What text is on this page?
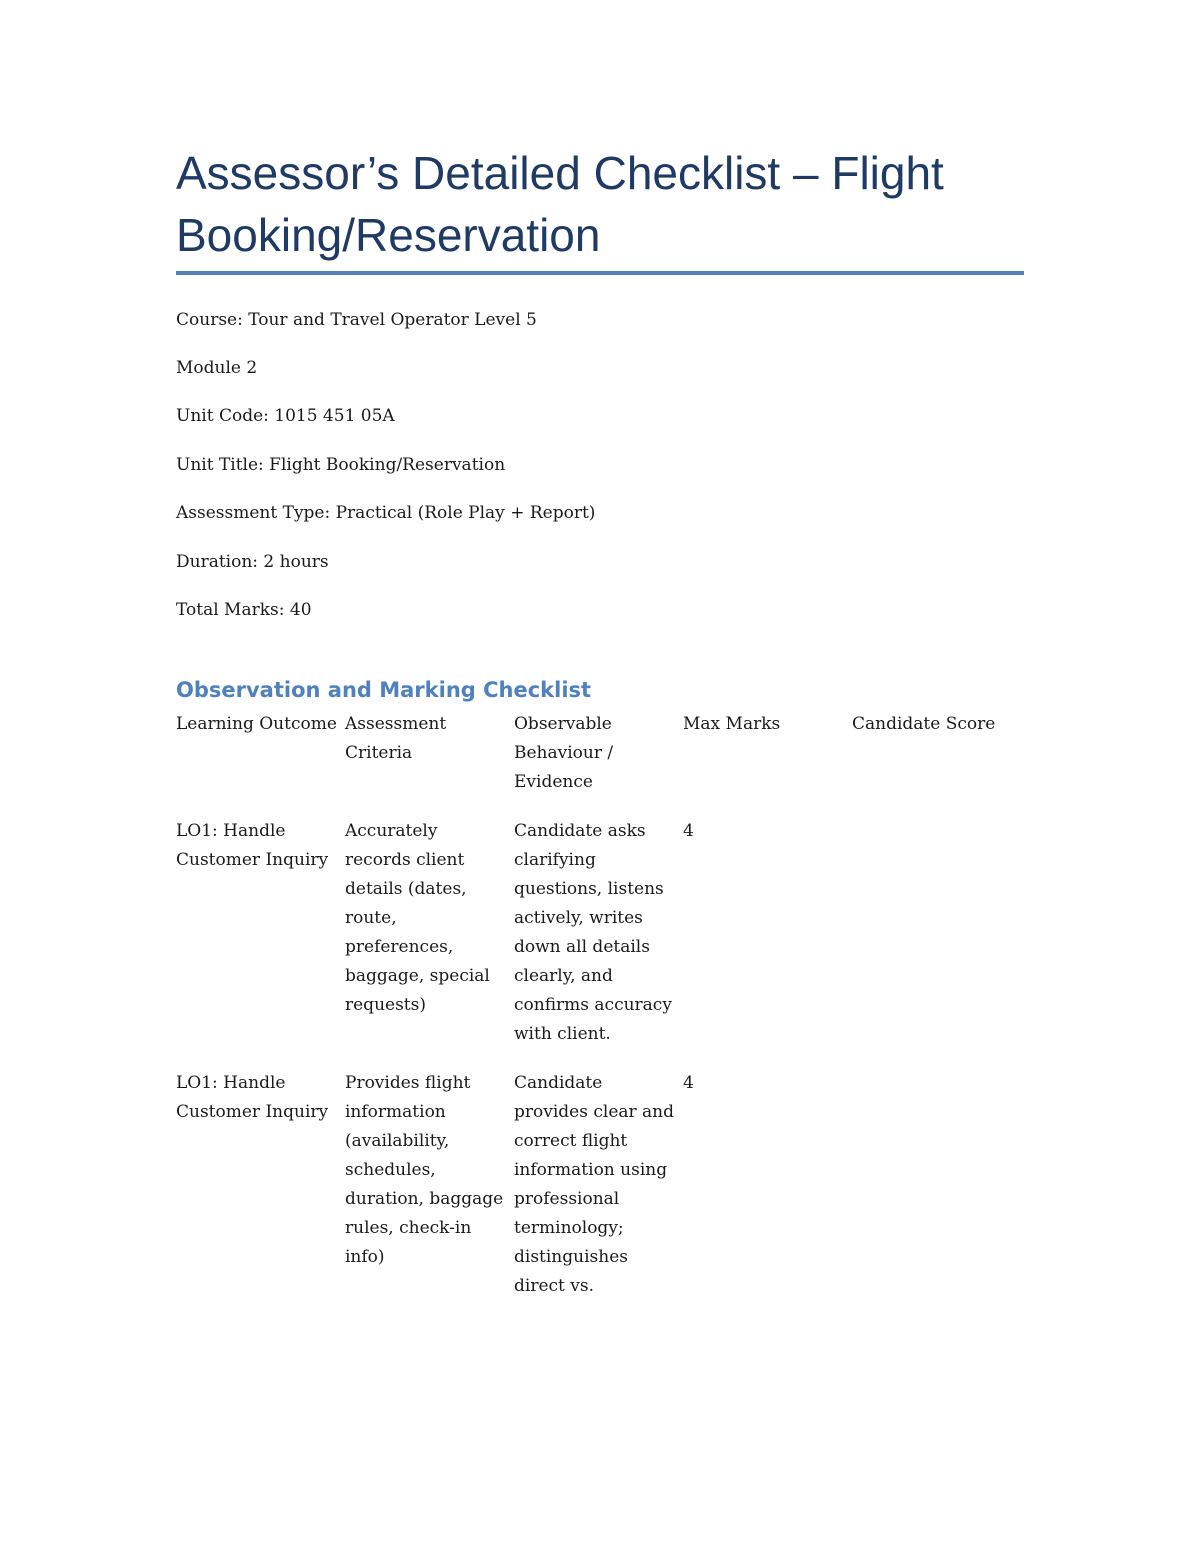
Assessor’s Detailed Checklist – Flight Booking/Reservation
Course: Tour and Travel Operator Level 5
Module 2
Unit Code: 1015 451 05A
Unit Title: Flight Booking/Reservation
Assessment Type: Practical (Role Play + Report)
Duration: 2 hours
Total Marks: 40
Observation and Marking Checklist
Learning Outcome Assessment Criteria
Observable Behaviour / Evidence
Max Marks	Candidate Score
LO1: Handle Customer Inquiry
Accurately records client details (dates, route, preferences, baggage, special requests)
Candidate asks clarifying questions, listens actively, writes down all details clearly, and confirms accuracy with client.
4
LO1: Handle Customer Inquiry
Provides flight information (availability, schedules, duration, baggage rules, check-in info)
Candidate provides clear and correct flight information using professional terminology; distinguishes direct vs.
4
